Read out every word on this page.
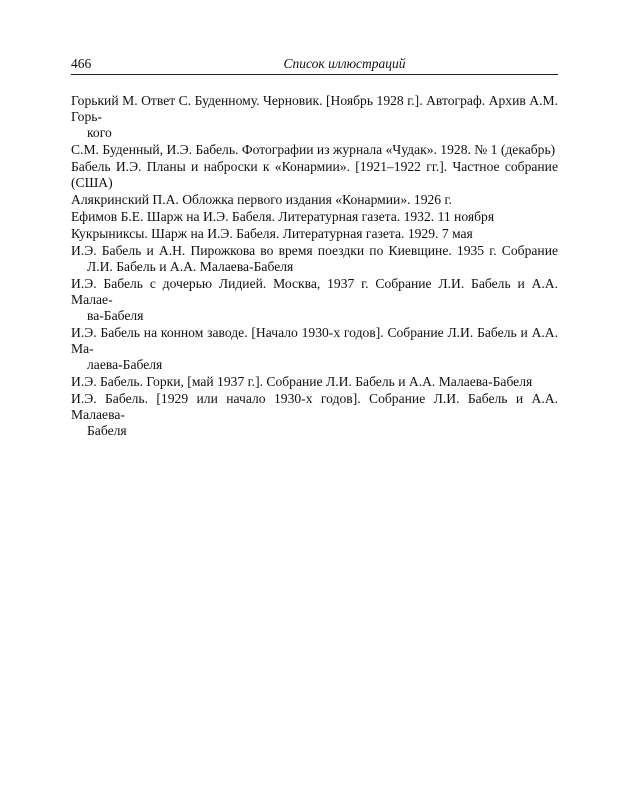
466	Список иллюстраций
Горький М. Ответ С. Буденному. Черновик. [Ноябрь 1928 г.]. Автограф. Архив А.М. Горь-
кого
С.М. Буденный, И.Э. Бабель. Фотографии из журнала «Чудак». 1928. № 1 (декабрь)
Бабель И.Э. Планы и наброски к «Конармии». [1921–1922 гг.]. Частное собрание (США)
Алякринский П.А. Обложка первого издания «Конармии». 1926 г.
Ефимов Б.Е. Шарж на И.Э. Бабеля. Литературная газета. 1932. 11 ноября
Кукрыниксы. Шарж на И.Э. Бабеля. Литературная газета. 1929. 7 мая
И.Э. Бабель и А.Н. Пирожкова во время поездки по Киевщине. 1935 г. Собрание
Л.И. Бабель и А.А. Малаева-Бабеля
И.Э. Бабель с дочерью Лидией. Москва, 1937 г. Собрание Л.И. Бабель и А.А. Малае-
ва-Бабеля
И.Э. Бабель на конном заводе. [Начало 1930-х годов]. Собрание Л.И. Бабель и А.А. Ма-
лаева-Бабеля
И.Э. Бабель. Горки, [май 1937 г.]. Собрание Л.И. Бабель и А.А. Малаева-Бабеля
И.Э. Бабель. [1929 или начало 1930-х годов]. Собрание Л.И. Бабель и А.А. Малаева-
Бабеля
